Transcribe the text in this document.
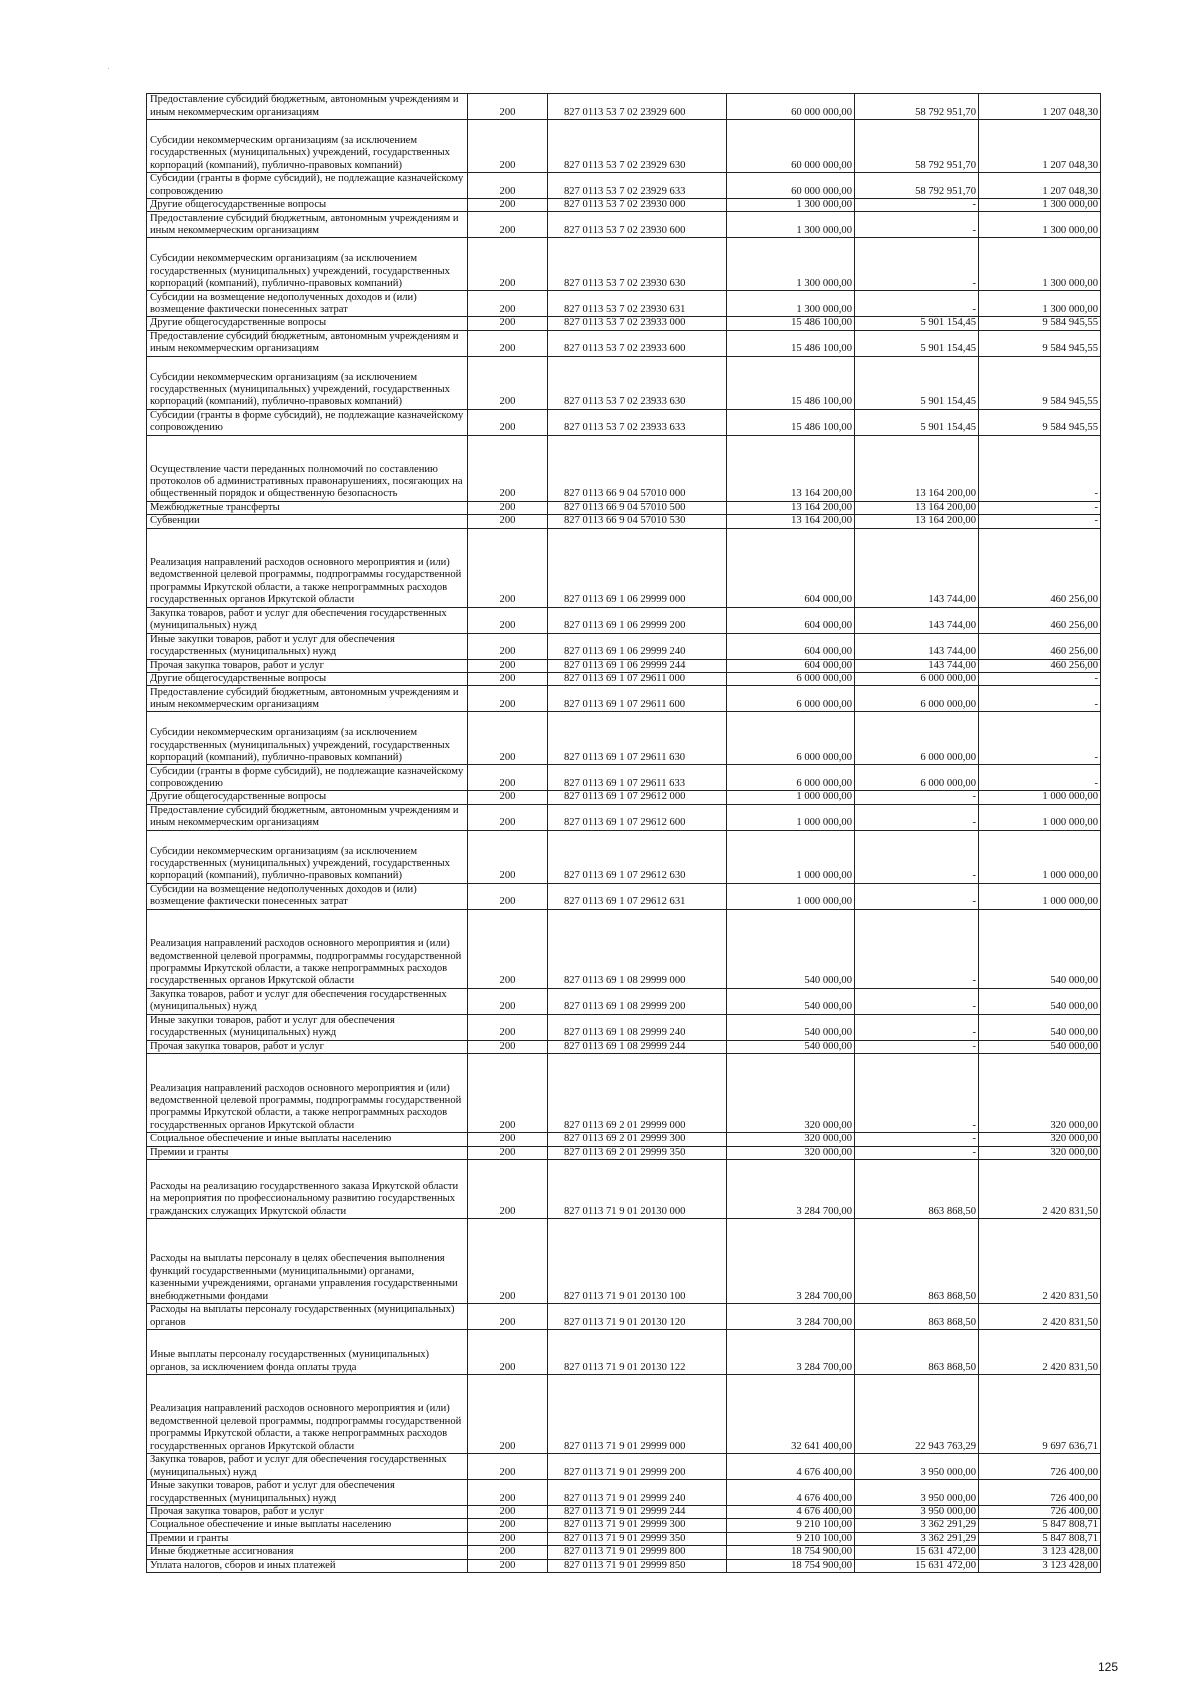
Предоставление субсидий бюджетным, автономным учреждениям и иным некоммерческим организациям	200	827 0113 53 7 02 23929 600	60 000 000,00	58 792 951,70	1 207 048,30
Субсидии некоммерческим организациям (за исключением государственных (муниципальных) учреждений, государственных корпораций (компаний), публично-правовых компаний)	200	827 0113 53 7 02 23929 630	60 000 000,00	58 792 951,70	1 207 048,30
Субсидии (гранты в форме субсидий), не подлежащие казначейскому сопровождению	200	827 0113 53 7 02 23929 633	60 000 000,00	58 792 951,70	1 207 048,30
Другие общегосударственные вопросы	200	827 0113 53 7 02 23930 000	1 300 000,00	-	1 300 000,00
Предоставление субсидий бюджетным, автономным учреждениям и иным некоммерческим организациям	200	827 0113 53 7 02 23930 600	1 300 000,00	-	1 300 000,00
Субсидии некоммерческим организациям (за исключением государственных (муниципальных) учреждений, государственных корпораций (компаний), публично-правовых компаний)	200	827 0113 53 7 02 23930 630	1 300 000,00	-	1 300 000,00
Субсидии на возмещение недополученных доходов и (или) возмещение фактически понесенных затрат	200	827 0113 53 7 02 23930 631	1 300 000,00	-	1 300 000,00
Другие общегосударственные вопросы	200	827 0113 53 7 02 23933 000	15 486 100,00	5 901 154,45	9 584 945,55
Предоставление субсидий бюджетным, автономным учреждениям и иным некоммерческим организациям	200	827 0113 53 7 02 23933 600	15 486 100,00	5 901 154,45	9 584 945,55
Субсидии некоммерческим организациям (за исключением государственных (муниципальных) учреждений, государственных корпораций (компаний), публично-правовых компаний)	200	827 0113 53 7 02 23933 630	15 486 100,00	5 901 154,45	9 584 945,55
Субсидии (гранты в форме субсидий), не подлежащие казначейскому сопровождению	200	827 0113 53 7 02 23933 633	15 486 100,00	5 901 154,45	9 584 945,55
Осуществление части переданных полномочий по составлению протоколов об административных правонарушениях, посягающих на общественный порядок и общественную безопасность	200	827 0113 66 9 04 57010 000	13 164 200,00	13 164 200,00	-
Межбюджетные трансферты	200	827 0113 66 9 04 57010 500	13 164 200,00	13 164 200,00	-
Субвенции	200	827 0113 66 9 04 57010 530	13 164 200,00	13 164 200,00	-
Реализация направлений расходов основного мероприятия и (или) ведомственной целевой программы, подпрограммы государственной программы Иркутской области, а также непрограммных расходов государственных органов Иркутской области	200	827 0113 69 1 06 29999 000	604 000,00	143 744,00	460 256,00
Закупка товаров, работ и услуг для обеспечения государственных (муниципальных) нужд	200	827 0113 69 1 06 29999 200	604 000,00	143 744,00	460 256,00
Иные закупки товаров, работ и услуг для обеспечения государственных (муниципальных) нужд	200	827 0113 69 1 06 29999 240	604 000,00	143 744,00	460 256,00
Прочая закупка товаров, работ и услуг	200	827 0113 69 1 06 29999 244	604 000,00	143 744,00	460 256,00
Другие общегосударственные вопросы	200	827 0113 69 1 07 29611 000	6 000 000,00	6 000 000,00	-
Предоставление субсидий бюджетным, автономным учреждениям и иным некоммерческим организациям	200	827 0113 69 1 07 29611 600	6 000 000,00	6 000 000,00	-
Субсидии некоммерческим организациям (за исключением государственных (муниципальных) учреждений, государственных корпораций (компаний), публично-правовых компаний)	200	827 0113 69 1 07 29611 630	6 000 000,00	6 000 000,00	-
Субсидии (гранты в форме субсидий), не подлежащие казначейскому сопровождению	200	827 0113 69 1 07 29611 633	6 000 000,00	6 000 000,00	-
Другие общегосударственные вопросы	200	827 0113 69 1 07 29612 000	1 000 000,00	-	1 000 000,00
Предоставление субсидий бюджетным, автономным учреждениям и иным некоммерческим организациям	200	827 0113 69 1 07 29612 600	1 000 000,00	-	1 000 000,00
Субсидии некоммерческим организациям (за исключением государственных (муниципальных) учреждений, государственных корпораций (компаний), публично-правовых компаний)	200	827 0113 69 1 07 29612 630	1 000 000,00	-	1 000 000,00
Субсидии на возмещение недополученных доходов и (или) возмещение фактически понесенных затрат	200	827 0113 69 1 07 29612 631	1 000 000,00	-	1 000 000,00
Реализация направлений расходов основного мероприятия и (или) ведомственной целевой программы, подпрограммы государственной программы Иркутской области, а также непрограммных расходов государственных органов Иркутской области	200	827 0113 69 1 08 29999 000	540 000,00	-	540 000,00
Закупка товаров, работ и услуг для обеспечения государственных (муниципальных) нужд	200	827 0113 69 1 08 29999 200	540 000,00	-	540 000,00
Иные закупки товаров, работ и услуг для обеспечения государственных (муниципальных) нужд	200	827 0113 69 1 08 29999 240	540 000,00	-	540 000,00
Прочая закупка товаров, работ и услуг	200	827 0113 69 1 08 29999 244	540 000,00	-	540 000,00
Реализация направлений расходов основного мероприятия и (или) ведомственной целевой программы, подпрограммы государственной программы Иркутской области, а также непрограммных расходов государственных органов Иркутской области	200	827 0113 69 2 01 29999 000	320 000,00	-	320 000,00
Социальное обеспечение и иные выплаты населению	200	827 0113 69 2 01 29999 300	320 000,00	-	320 000,00
Премии и гранты	200	827 0113 69 2 01 29999 350	320 000,00	-	320 000,00
Расходы на реализацию государственного заказа Иркутской области на мероприятия по профессиональному развитию государственных гражданских служащих Иркутской области	200	827 0113 71 9 01 20130 000	3 284 700,00	863 868,50	2 420 831,50
Расходы на выплаты персоналу в целях обеспечения выполнения функций государственными (муниципальными) органами, казенными учреждениями, органами управления государственными внебюджетными фондами	200	827 0113 71 9 01 20130 100	3 284 700,00	863 868,50	2 420 831,50
Расходы на выплаты персоналу государственных (муниципальных) органов	200	827 0113 71 9 01 20130 120	3 284 700,00	863 868,50	2 420 831,50
Иные выплаты персоналу государственных (муниципальных) органов, за исключением фонда оплаты труда	200	827 0113 71 9 01 20130 122	3 284 700,00	863 868,50	2 420 831,50
Реализация направлений расходов основного мероприятия и (или) ведомственной целевой программы, подпрограммы государственной программы Иркутской области, а также непрограммных расходов государственных органов Иркутской области	200	827 0113 71 9 01 29999 000	32 641 400,00	22 943 763,29	9 697 636,71
Закупка товаров, работ и услуг для обеспечения государственных (муниципальных) нужд	200	827 0113 71 9 01 29999 200	4 676 400,00	3 950 000,00	726 400,00
Иные закупки товаров, работ и услуг для обеспечения государственных (муниципальных) нужд	200	827 0113 71 9 01 29999 240	4 676 400,00	3 950 000,00	726 400,00
Прочая закупка товаров, работ и услуг	200	827 0113 71 9 01 29999 244	4 676 400,00	3 950 000,00	726 400,00
Социальное обеспечение и иные выплаты населению	200	827 0113 71 9 01 29999 300	9 210 100,00	3 362 291,29	5 847 808,71
Премии и гранты	200	827 0113 71 9 01 29999 350	9 210 100,00	3 362 291,29	5 847 808,71
Иные бюджетные ассигнования	200	827 0113 71 9 01 29999 800	18 754 900,00	15 631 472,00	3 123 428,00
Уплата налогов, сборов и иных платежей	200	827 0113 71 9 01 29999 850	18 754 900,00	15 631 472,00	3 123 428,00
125
